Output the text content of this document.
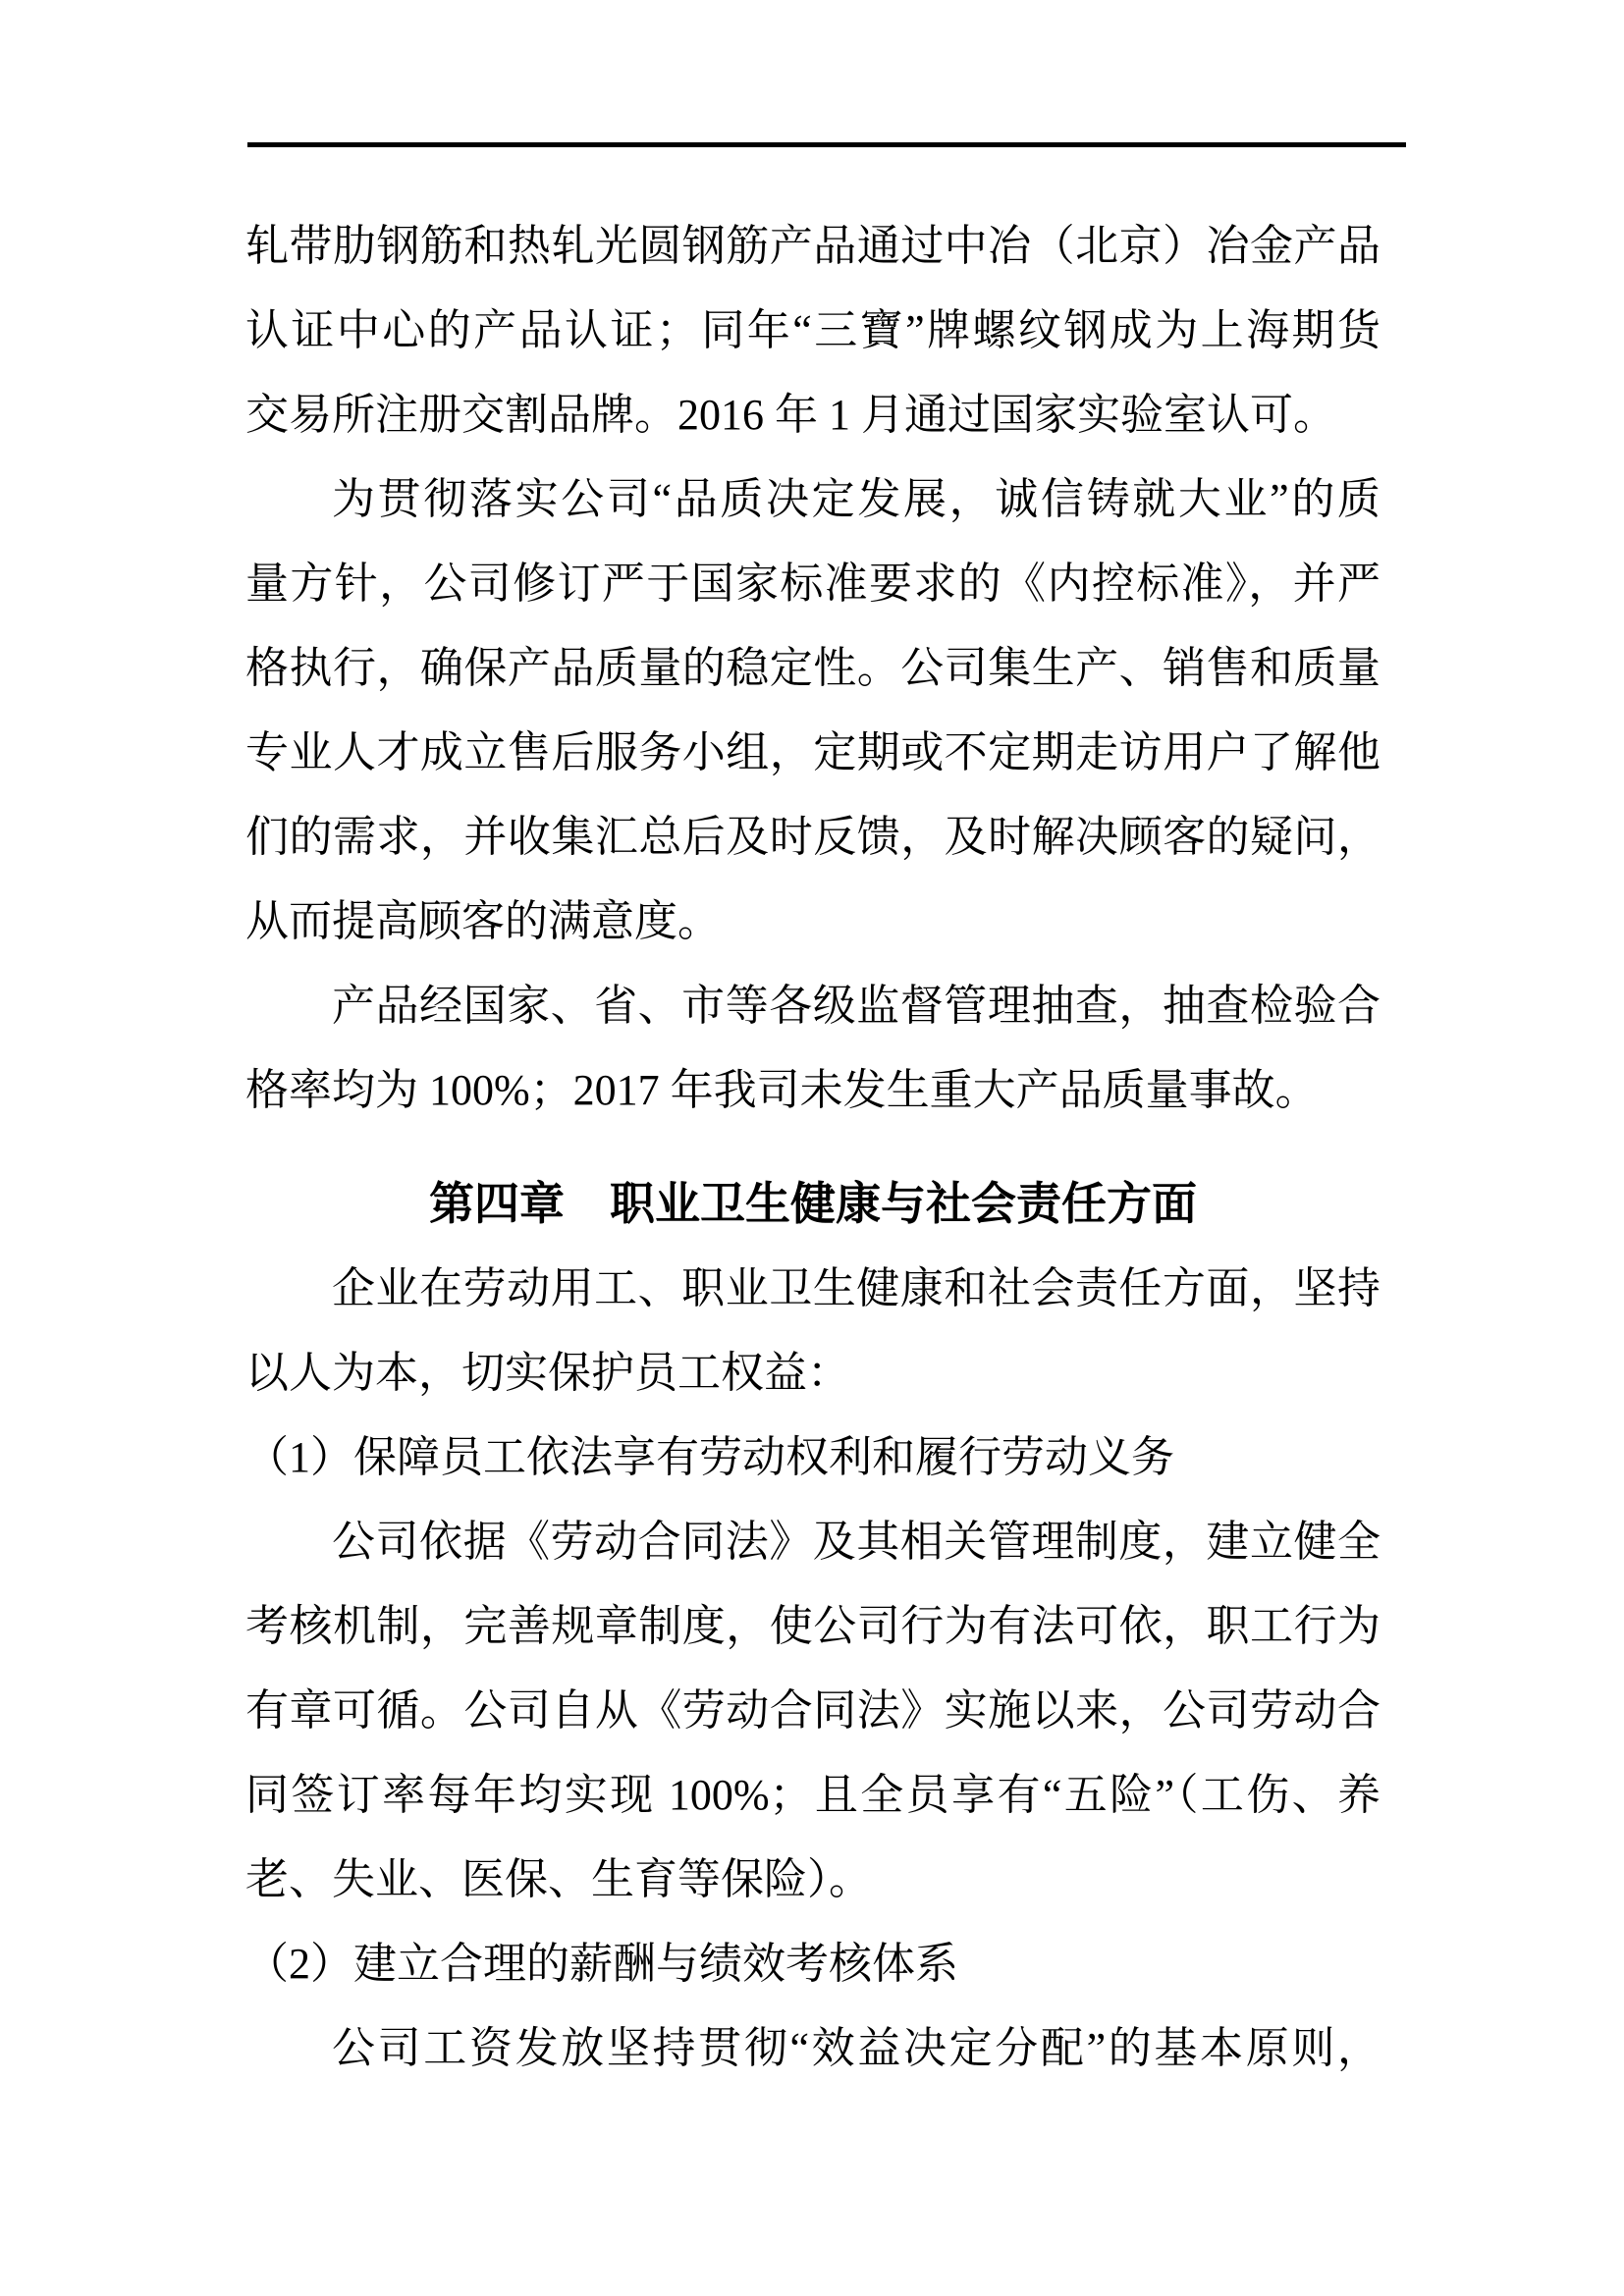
轧带肋钢筋和热轧光圆钢筋产品通过中冶（北京）冶金产品

认证中心的产品认证；同年“三寶”牌螺纹钢成为上海期货

交易所注册交割品牌。2016 年 1 月通过国家实验室认可。

为贯彻落实公司“品质决定发展，诚信铸就大业”的质

量方针，公司修订严于国家标准要求的《内控标准》，并严

格执行，确保产品质量的稳定性。公司集生产、销售和质量

专业人才成立售后服务小组，定期或不定期走访用户了解他

们的需求，并收集汇总后及时反馈，及时解决顾客的疑问，

从而提高顾客的满意度。

产品经国家、省、市等各级监督管理抽查，抽查检验合

格率均为 100%；2017 年我司未发生重大产品质量事故。

第四章　职业卫生健康与社会责任方面

企业在劳动用工、职业卫生健康和社会责任方面，坚持

以人为本，切实保护员工权益：

（1）保障员工依法享有劳动权利和履行劳动义务

公司依据《劳动合同法》及其相关管理制度，建立健全

考核机制，完善规章制度，使公司行为有法可依，职工行为

有章可循。公司自从《劳动合同法》实施以来，公司劳动合

同签订率每年均实现 100%；且全员享有“五险”（工伤、养

老、失业、医保、生育等保险）。

（2）建立合理的薪酬与绩效考核体系

公司工资发放坚持贯彻“效益决定分配”的基本原则，
